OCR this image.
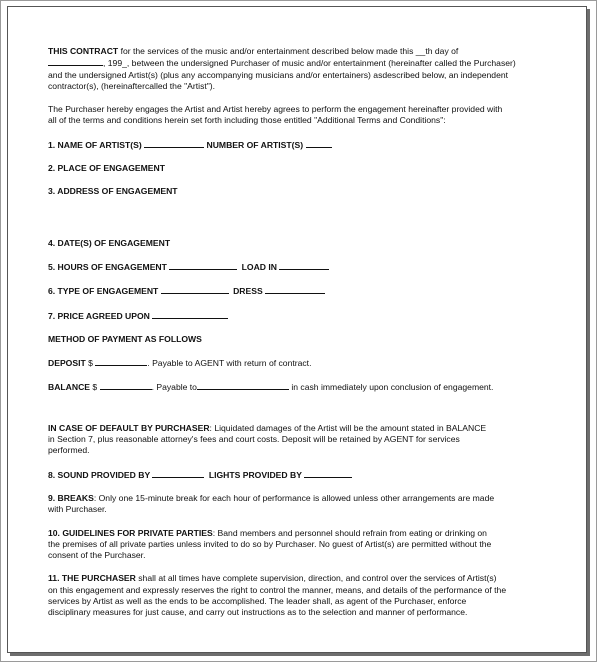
THIS CONTRACT for the services of the music and/or entertainment described below made this __th day of
, 199_, between the undersigned Purchaser of music and/or entertainment (hereinafter called the Purchaser)
and the undersigned Artist(s) (plus any accompanying musicians and/or entertainers) asdescribed below, an independent
contractor(s), (hereinaftercalled the "Artist").

The Purchaser hereby engages the Artist and Artist hereby agrees to perform the engagement hereinafter provided with
all of the terms and conditions herein set forth including those entitled "Additional Terms and Conditions":

1. NAME OF ARTIST(S)	NUMBER OF ARTIST(S)

2. PLACE OF ENGAGEMENT

3. ADDRESS OF ENGAGEMENT

4. DATE(S) OF ENGAGEMENT

5. HOURS OF ENGAGEMENT	LOAD IN

6. TYPE OF ENGAGEMENT	DRESS

7. PRICE AGREED UPON

METHOD OF PAYMENT AS FOLLOWS

DEPOSIT $	. Payable to AGENT with return of contract.

BALANCE $	. Payable to	in cash immediately upon conclusion of engagement.

IN CASE OF DEFAULT BY PURCHASER: Liquidated damages of the Artist will be the amount stated in BALANCE
in Section 7, plus reasonable attorney's fees and court costs. Deposit will be retained by AGENT for services
performed.

8. SOUND PROVIDED BY	LIGHTS PROVIDED BY

9. BREAKS: Only one 15-minute break for each hour of performance is allowed unless other arrangements are made
with Purchaser.

10. GUIDELINES FOR PRIVATE PARTIES: Band members and personnel should refrain from eating or drinking on
the premises of all private parties unless invited to do so by Purchaser. No guest of Artist(s) are permitted without the
consent of the Purchaser.

11. THE PURCHASER shall at all times have complete supervision, direction, and control over the services of Artist(s)
on this engagement and expressly reserves the right to control the manner, means, and details of the performance of the
services by Artist as well as the ends to be accomplished. The leader shall, as agent of the Purchaser, enforce
disciplinary measures for just cause, and carry out instructions as to the selection and manner of performance.
